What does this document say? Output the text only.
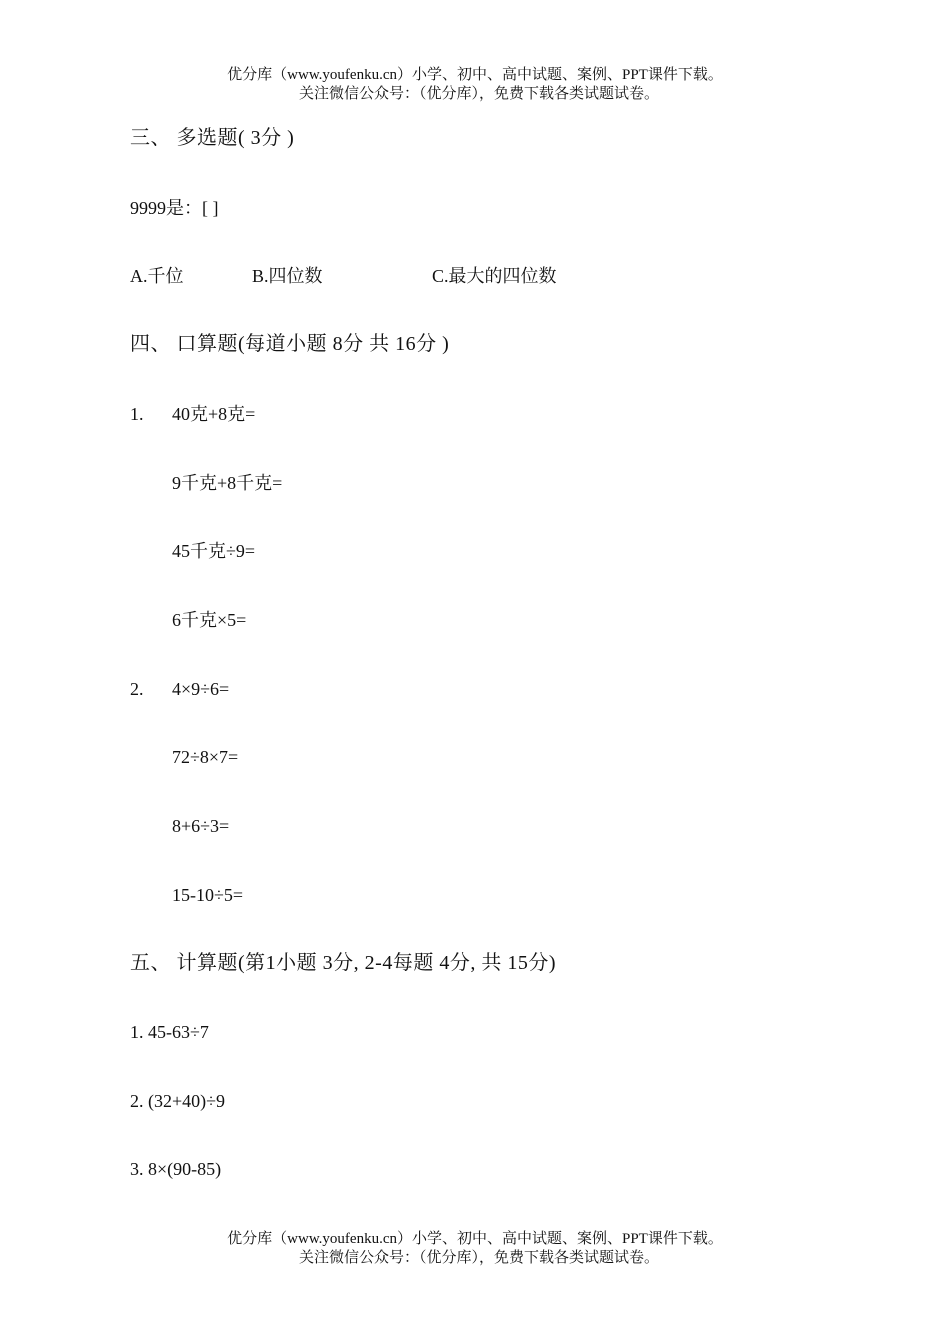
优分库（www.youfenku.cn）小学、初中、高中试题、案例、PPT课件下载。
关注微信公众号：（优分库），免费下载各类试题试卷。
三、 多选题( 3分 )
9999是：[ ]
A.千位	B.四位数	C.最大的四位数
四、 口算题(每道小题 8分 共 16分 )
1. 40克+8克=
9千克+8千克=
45千克÷9=
6千克×5=
2. 4×9÷6=
72÷8×7=
8+6÷3=
15-10÷5=
五、 计算题(第1小题 3分, 2-4每题 4分, 共 15分)
1. 45-63÷7
2. (32+40)÷9
3. 8×(90-85)
优分库（www.youfenku.cn）小学、初中、高中试题、案例、PPT课件下载。
关注微信公众号：（优分库），免费下载各类试题试卷。
